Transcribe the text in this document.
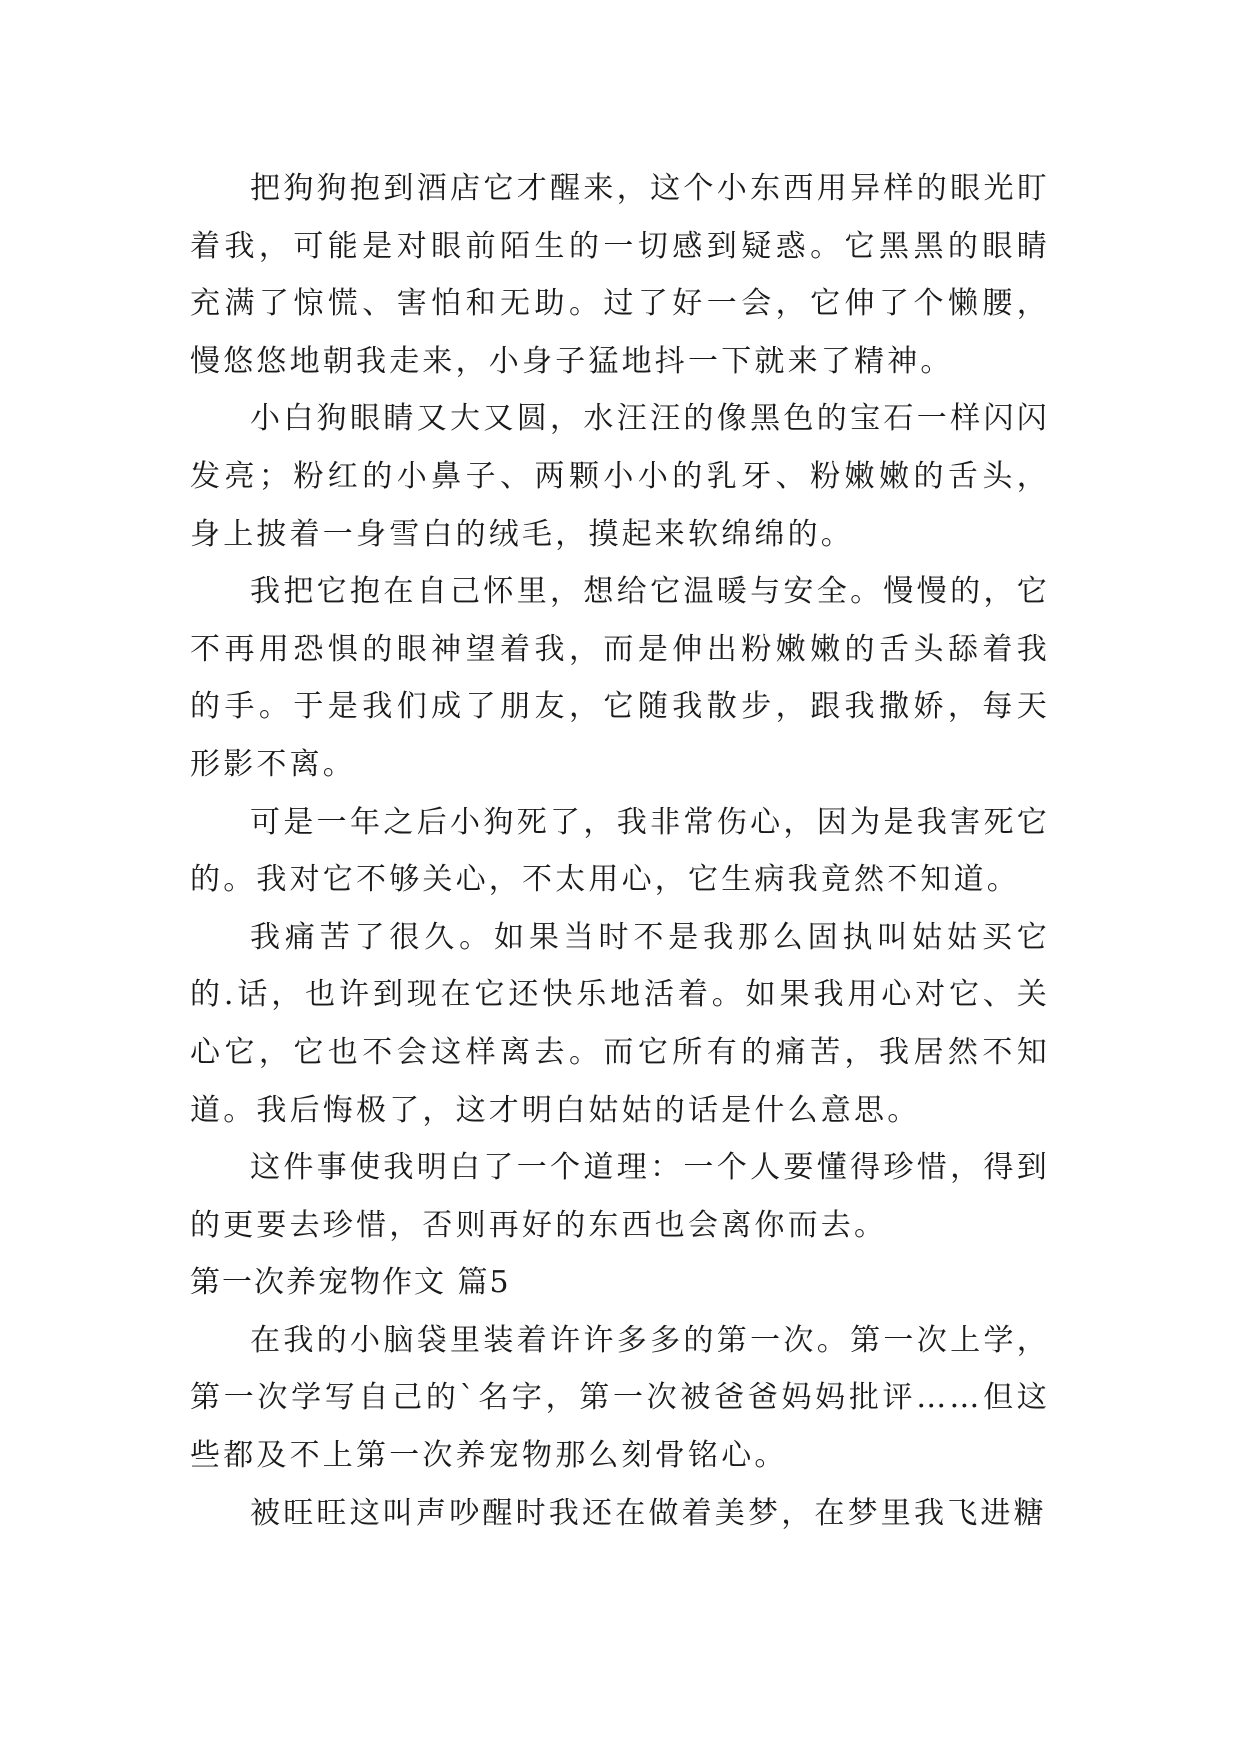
把狗狗抱到酒店它才醒来，这个小东西用异样的眼光盯着我，可能是对眼前陌生的一切感到疑惑。它黑黑的眼睛充满了惊慌、害怕和无助。过了好一会，它伸了个懒腰，慢悠悠地朝我走来，小身子猛地抖一下就来了精神。

小白狗眼睛又大又圆，水汪汪的像黑色的宝石一样闪闪发亮；粉红的小鼻子、两颗小小的乳牙、粉嫩嫩的舌头，身上披着一身雪白的绒毛，摸起来软绵绵的。

我把它抱在自己怀里，想给它温暖与安全。慢慢的，它不再用恐惧的眼神望着我，而是伸出粉嫩嫩的舌头舔着我的手。于是我们成了朋友，它随我散步，跟我撒娇，每天形影不离。

可是一年之后小狗死了，我非常伤心，因为是我害死它的。我对它不够关心，不太用心，它生病我竟然不知道。

我痛苦了很久。如果当时不是我那么固执叫姑姑买它的.话，也许到现在它还快乐地活着。如果我用心对它、关心它，它也不会这样离去。而它所有的痛苦，我居然不知道。我后悔极了，这才明白姑姑的话是什么意思。

这件事使我明白了一个道理：一个人要懂得珍惜，得到的更要去珍惜，否则再好的东西也会离你而去。

第一次养宠物作文 篇5

在我的小脑袋里装着许许多多的第一次。第一次上学，第一次学写自己的`名字，第一次被爸爸妈妈批评……但这些都及不上第一次养宠物那么刻骨铭心。

被旺旺这叫声吵醒时我还在做着美梦，在梦里我飞进糖
